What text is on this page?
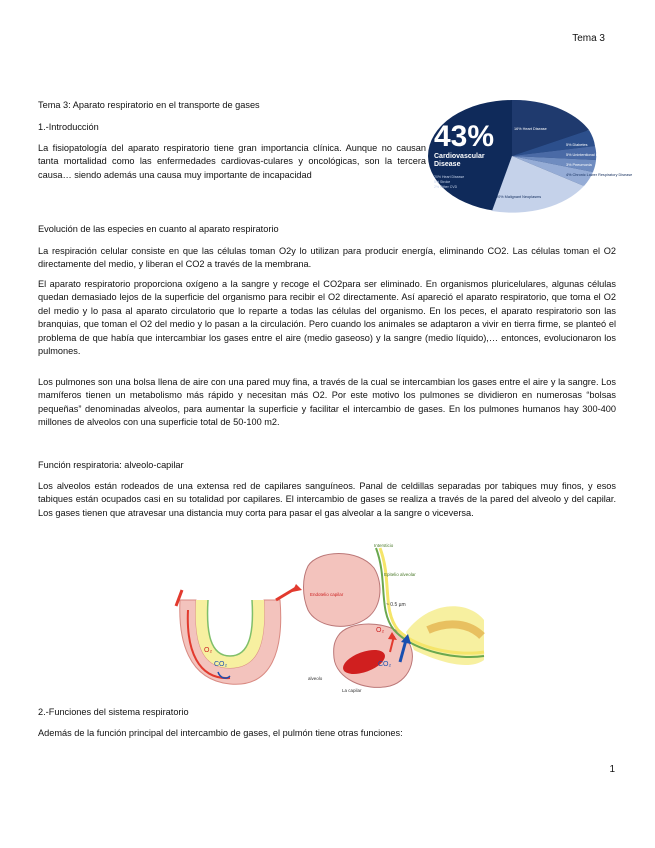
Tema 3
Tema 3: Aparato respiratorio en el transporte de gases
1.-Introducción
La fisiopatología del aparato respiratorio tiene gran importancia clínica. Aunque no causan tanta mortalidad como las enfermedades cardiovas-culares y oncológicas, son la tercera causa… siendo además una causa muy importante de incapacidad
43%
Cardiovascular
Disease
20% Heart Disease
5% Stroke
2% Other CVD
16% Heart Disease
5% Diabetes
5% Unintentional Injury
3% Pneumonia
4% Chronic Lower Respiratory Disease
20% Malignant Neoplasms
Evolución de las especies en cuanto al aparato respiratorio
La respiración celular consiste en que las células toman O2y lo utilizan para producir energía, eliminando CO2. Las células toman el O2 directamente del medio, y liberan el CO2 a través de la membrana.
El aparato respiratorio proporciona oxígeno a la sangre y recoge el CO2para ser eliminado. En organismos pluricelulares, algunas células quedan demasiado lejos de la superficie del organismo para recibir el O2 directamente. Así apareció el aparato respiratorio, que toma el O2 del medio y lo pasa al aparato circulatorio que lo reparte a todas las células del organismo. En los peces, el aparato respiratorio son las branquias, que toman el O2 del medio y lo pasan a la circulación. Pero cuando los animales se adaptaron a vivir en tierra firme, se planteó el problema de que había que intercambiar los gases entre el aire (medio gaseoso) y la sangre (medio líquido),… entonces, evolucionaron los pulmones.
Los pulmones son una bolsa llena de aire con una pared muy fina, a través de la cual se intercambian los gases entre el aire y la sangre. Los mamíferos tienen un metabolismo más rápido y necesitan más O2. Por este motivo los pulmones se dividieron en numerosas “bolsas pequeñas” denominadas alveolos, para aumentar la superficie y facilitar el intercambio de gases. En los pulmones humanos hay 300-400 millones de alveolos con una superficie total de 50-100 m2.
Función respiratoria: alveolo-capilar
Los alveolos están rodeados de una extensa red de capilares sanguíneos. Panal de celdillas separadas por tabiques muy finos, y esos tabiques están ocupados casi en su totalidad por capilares. El intercambio de gases se realiza a través de la pared del alveolo y del capilar. Los gases tienen que atravesar una distancia muy corta para pasar el gas alveolar a la sangre o viceversa.
O₂
CO₂
Intersticio
Endotelio capilar
Epitelio alveolar
~ 0.5 µm
O₂
CO₂
alveolo
La capilar
2.-Funciones del sistema respiratorio
Además de la función principal del intercambio de gases, el pulmón tiene otras funciones:
1
